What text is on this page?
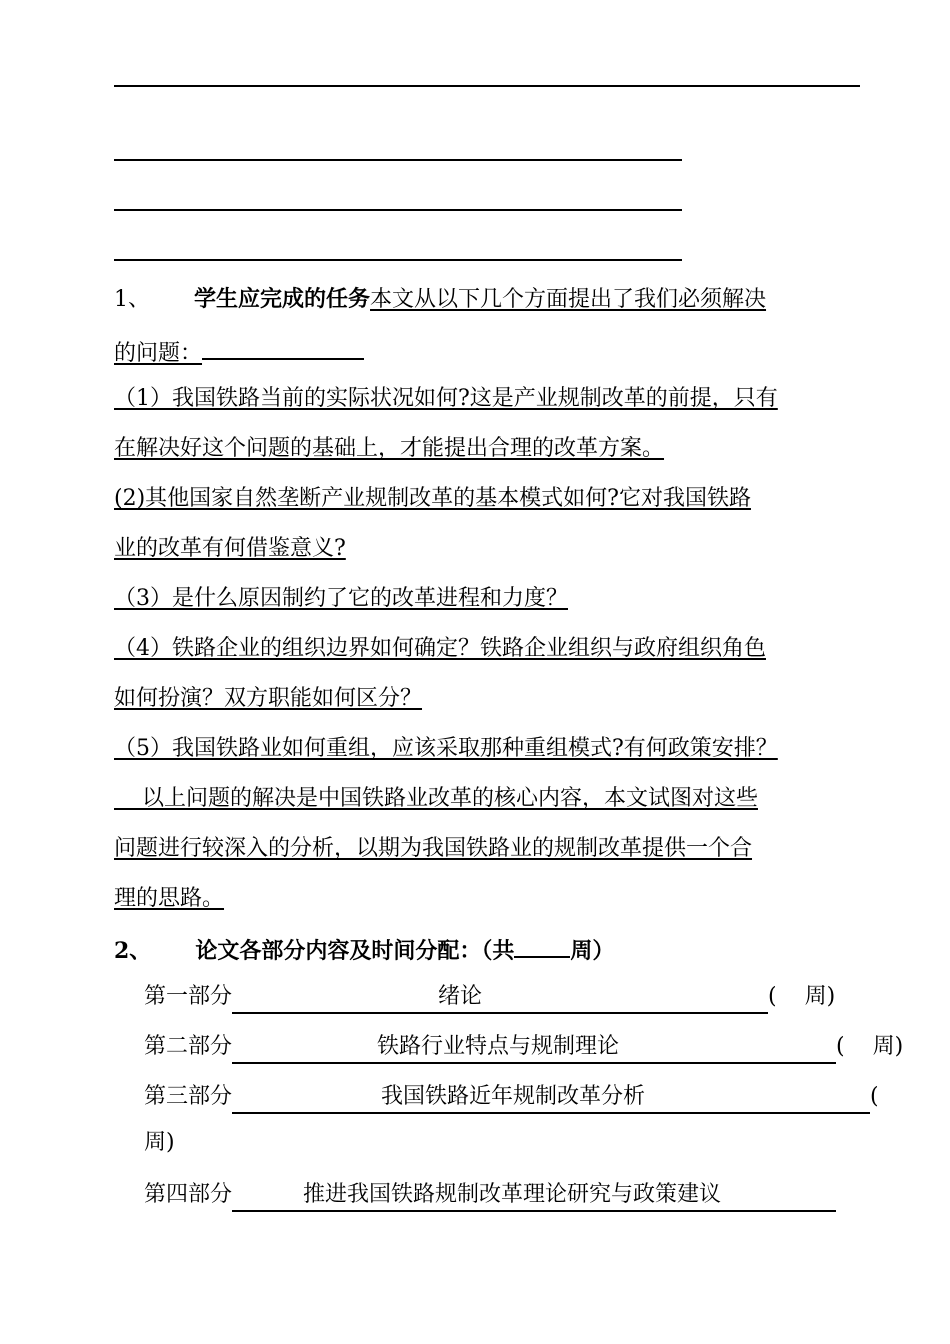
1、 学生应完成的任务本文从以下几个方面提出了我们必须解决
的问题：
（1）我国铁路当前的实际状况如何?这是产业规制改革的前提，只有
在解决好这个问题的基础上，才能提出合理的改革方案。
(2)其他国家自然垄断产业规制改革的基本模式如何?它对我国铁路
业的改革有何借鉴意义?
（3）是什么原因制约了它的改革进程和力度？
（4）铁路企业的组织边界如何确定？铁路企业组织与政府组织角色
如何扮演？双方职能如何区分？
（5）我国铁路业如何重组，应该采取那种重组模式?有何政策安排？
以上问题的解决是中国铁路业改革的核心内容，本文试图对这些
问题进行较深入的分析，以期为我国铁路业的规制改革提供一个合
理的思路。
2、 论文各部分内容及时间分配：（共	周）
第一部分	绪论	(    周)
第二部分	铁路行业特点与规制理论	(    周)
第三部分	我国铁路近年规制改革分析	(
周)
第四部分	推进我国铁路规制改革理论研究与政策建议
